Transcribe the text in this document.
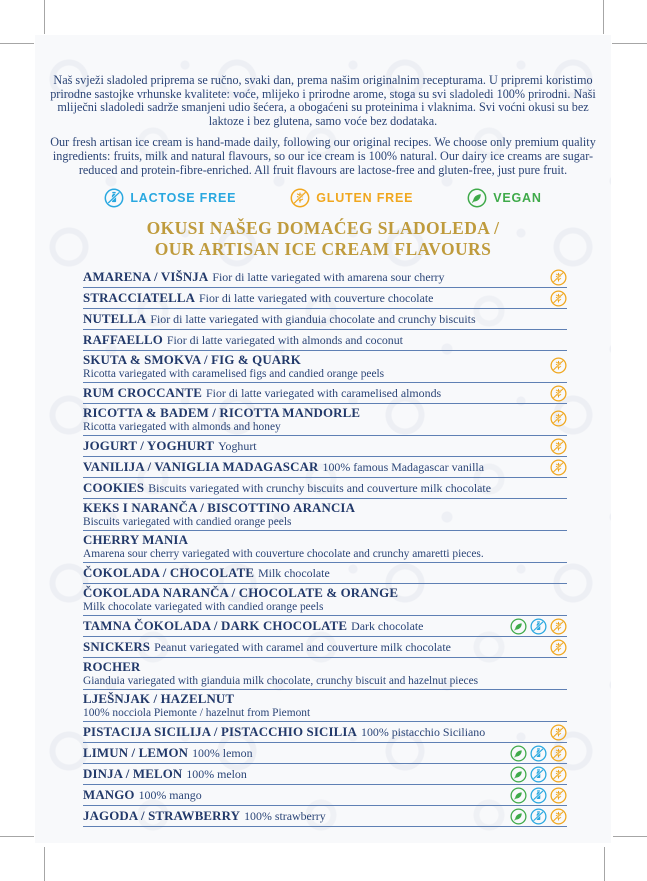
Naš svježi sladoled priprema se ručno, svaki dan, prema našim originalnim recepturama. U pripremi koristimo prirodne sastojke vrhunske kvalitete: voće, mlijeko i prirodne arome, stoga su svi sladoledi 100% prirodni. Naši mliječni sladoledi sadrže smanjeni udio šećera, a obogaćeni su proteinima i vlaknima. Svi voćni okusi su bez laktoze i bez glutena, samo voće bez dodataka.
Our fresh artisan ice cream is hand-made daily, following our original recipes. We choose only premium quality ingredients: fruits, milk and natural flavours, so our ice cream is 100% natural. Our dairy ice creams are sugar-reduced and protein-fibre-enriched. All fruit flavours are lactose-free and gluten-free, just pure fruit.
LACTOSE FREE	GLUTEN FREE	VEGAN
OKUSI NAŠEG DOMAĆEG SLADOLEDA /
OUR ARTISAN ICE CREAM FLAVOURS
AMARENA / VIŠNJA Fior di latte variegated with amarena sour cherry
STRACCIATELLA Fior di latte variegated with couverture chocolate
NUTELLA Fior di latte variegated with gianduia chocolate and crunchy biscuits
RAFFAELLO Fior di latte variegated with almonds and coconut
SKUTA & SMOKVA / FIG & QUARK
Ricotta variegated with caramelised figs and candied orange peels
RUM CROCCANTE Fior di latte variegated with caramelised almonds
RICOTTA & BADEM / RICOTTA MANDORLE
Ricotta variegated with almonds and honey
JOGURT / YOGHURT Yoghurt
VANILIJA / VANIGLIA MADAGASCAR 100% famous Madagascar vanilla
COOKIES Biscuits variegated with crunchy biscuits and couverture milk chocolate
KEKS I NARANČA / BISCOTTINO ARANCIA
Biscuits variegated with candied orange peels
CHERRY MANIA
Amarena sour cherry variegated with couverture chocolate and crunchy amaretti pieces.
ČOKOLADA / CHOCOLATE Milk chocolate
ČOKOLADA NARANČA / CHOCOLATE & ORANGE
Milk chocolate variegated with candied orange peels
TAMNA ČOKOLADA / DARK CHOCOLATE Dark chocolate
SNICKERS Peanut variegated with caramel and couverture milk chocolate
ROCHER
Gianduia variegated with gianduia milk chocolate, crunchy biscuit and hazelnut pieces
LJEŠNJAK / HAZELNUT
100% nocciola Piemonte / hazelnut from Piemont
PISTACIJA SICILIJA / PISTACCHIO SICILIA 100% pistacchio Siciliano
LIMUN / LEMON 100% lemon
DINJA / MELON 100% melon
MANGO 100% mango
JAGODA / STRAWBERRY 100% strawberry
